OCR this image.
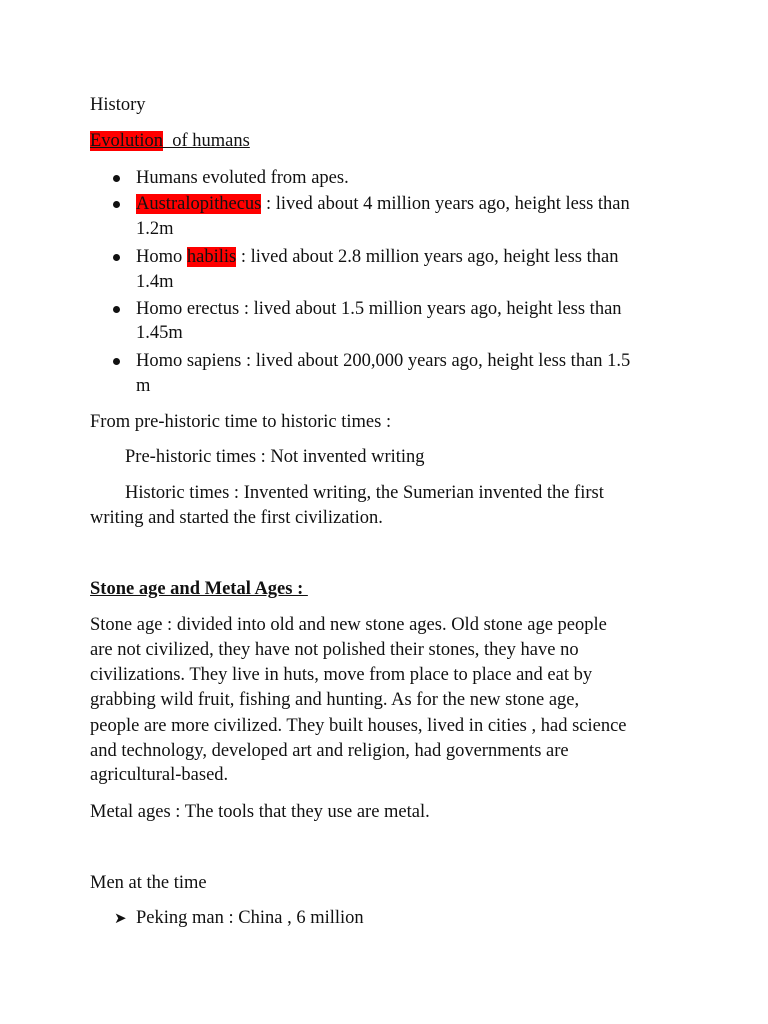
History
Evolution  of humans
Humans evoluted from apes.
Australopithecus : lived about 4 million years ago, height less than
1.2m
Homo habilis : lived about 2.8 million years ago, height less than
1.4m
Homo erectus : lived about 1.5 million years ago, height less than
1.45m
Homo sapiens : lived about 200,000 years ago, height less than 1.5
m
From pre-historic time to historic times :
Pre-historic times : Not invented writing
Historic times : Invented writing, the Sumerian invented the first
writing and started the first civilization.
Stone age and Metal Ages :
Stone age : divided into old and new stone ages. Old stone age people
are not civilized, they have not polished their stones, they have no
civilizations. They live in huts, move from place to place and eat by
grabbing wild fruit, fishing and hunting. As for the new stone age,
people are more civilized. They built houses, lived in cities , had science
and technology, developed art and religion, had governments are
agricultural-based.
Metal ages : The tools that they use are metal.
Men at the time
➤ Peking man : China , 6 million
